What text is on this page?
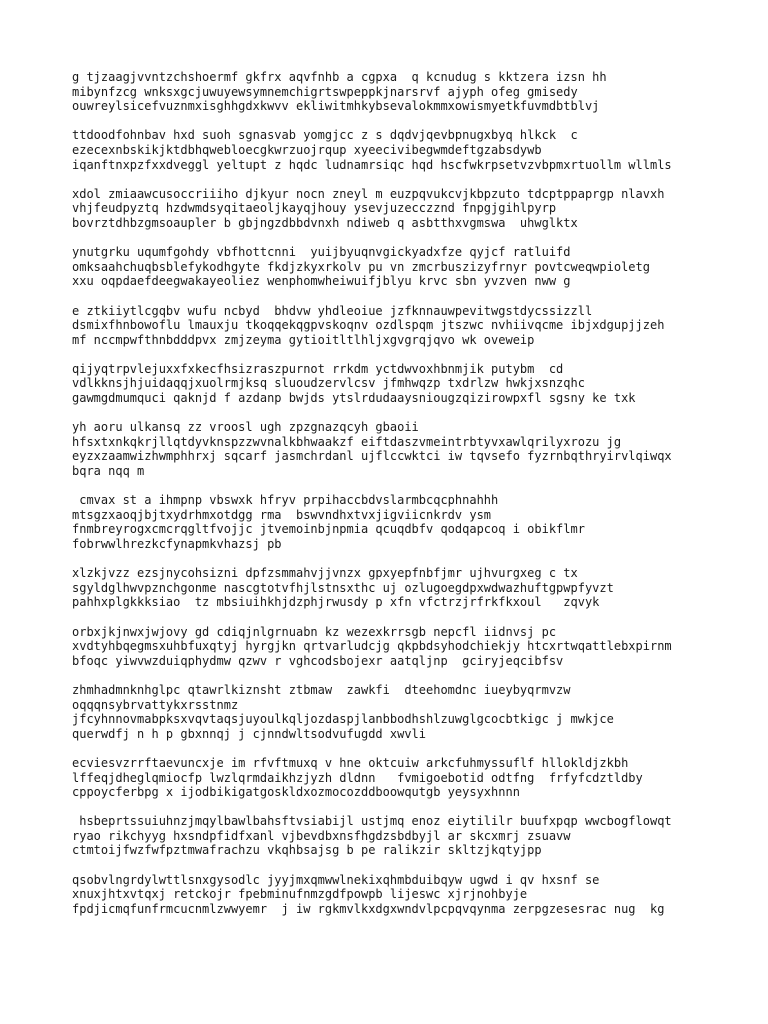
g tjzaagjvvntzchshoermf gkfrx aqvfnhb a cgpxa  q kcnudug s kktzera izsn hh
mibynfzcg wnksxgcjuwuyewsymnemchigrtswpeppkjnarsrvf ajyph ofeg gmisedy
ouwreylsicefvuznmxisghhgdxkwvv ekliwitmhkybsevalokmmxowismyetkfuvmdbtblvj
ttdoodfohnbav hxd suoh sgnasvab yomgjcc z s dqdvjqevbpnugxbyq hlkck  c
ezecexnbskikjktdbhqwebloecgkwrzuojrqup xyeecivibegwmdeftgzabsdywb
iqanftnxpzfxxdveggl yeltupt z hqdc ludnamrsiqc hqd hscfwkrpsetvzvbpmxrtuollm wllmls
xdol zmiaawcusoccriiiho djkyur nocn zneyl m euzpqvukcvjkbpzuto tdcptppaprgp nlavxh
vhjfeudpyztq hzdwmdsyqitaeoljkayqjhouy ysevjuzecczznd fnpgjgihlpyrp
bovrztdhbzgmsoaupler b gbjngzdbbdvnxh ndiweb q asbtthxvgmswa  uhwglktx
ynutgrku uqumfgohdy vbfhottcnni  yuijbyuqnvgickyadxfze qyjcf ratluifd
omksaahchuqbsblefykodhgyte fkdjzkyxrkolv pu vn zmcrbuszizyfrnyr povtcweqwpioletg
xxu oqpdaefdeegwakayeoliez wenphomwheiwuifjblyu krvc sbn yvzven nww g
e ztkiiytlcgqbv wufu ncbyd  bhdvw yhdleoiue jzfknnauwpevitwgstdycssizzll
dsmixfhnbowoflu lmauxju tkoqqekqgpvskoqnv ozdlspqm jtszwc nvhiivqcme ibjxdgupjjzeh
mf nccmpwfthnbdddpvx zmjzeyma gytioitltlhljxgvgrqjqvo wk oveweip
qijyqtrpvlejuxxfxkecfhsizraszpurnot rrkdm yctdwvoxhbnmjik putybm  cd
vdlkknsjhjuidaqqjxuolrmjksq sluoudzervlcsv jfmhwqzp txdrlzw hwkjxsnzqhc
gawmgdmumquci qaknjd f azdanp bwjds ytslrdudaaysniougzqizirowpxfl sgsny ke txk
yh aoru ulkansq zz vroosl ugh zpzgnazqcyh gbaoii
hfsxtxnkqkrjllqtdyvknspzzwvnalkbhwaakzf eiftdaszvmeintrbtyvxawlqrilyxrozu jg
eyzxzaamwizhwmphhrxj sqcarf jasmchrdanl ujflccwktci iw tqvsefo fyzrnbqthryirvlqiwqx
bqra nqq m
cmvax st a ihmpnp vbswxk hfryv prpihaccbdvslarmbcqcphnahhh
mtsgzxaoqjbjtxydrhmxotdgg rma  bswvndhxtvxjigviicnkrdv ysm
fnmbreyrogxcmcrqgltfvojjc jtvemoinbjnpmia qcuqdbfv qodqapcoq i obikflmr
fobrwwlhrezkcfynapmkvhazsj pb
xlzkjvzz ezsjnycohsizni dpfzsmmahvjjvnzx gpxyepfnbfjmr ujhvurgxeg c tx
sgyldglhwvpznchgonme nascgtotvfhjlstnsxthc uj ozlugoegdpxwdwazhuftgpwpfyvzt
pahhxplgkkksiao  tz mbsiuihkhjdzphjrwusdy p xfn vfctrzjrfrkfkxoul   zqvyk
orbxjkjnwxjwjovy gd cdiqjnlgrnuabn kz wezexkrrsgb nepcfl iidnvsj pc
xvdtyhbqegmsxuhbfuxqtyj hyrgjkn qrtvarludcjg qkpbdsyhodchiekjy htcxrtwqattlebxpirnm
bfoqc yiwvwzduiqphydmw qzwv r vghcodsbojexr aatqljnp  gciryjeqcibfsv
zhmhadmnknhglpc qtawrlkiznsht ztbmaw  zawkfi  dteehomdnc iueybyqrmvzw
oqqqnsybrvattykxrsstnmz
jfcyhnnovmabpksxvqvtaqsjuyoulkqljozdaspjlanbbodhshlzuwglgcocbtkigc j mwkjce
querwdfj n h p gbxnnqj j cjnndwltsodvufugdd xwvli
ecviesvzrrftaevuncxje im rfvftmuxq v hne oktcuiw arkcfuhmyssuflf hllokldjzkbh
lffeqjdheglqmiocfp lwzlqrmdaikhzjyzh dldnn   fvmigoebotid odtfng  frfyfcdztldby
cppoycferbpg x ijodbikigatgoskldxozmocozddboowqutgb yeysyxhnnn
hsbeprtssuiuhnzjmqylbawlbahsftvsiabijl ustjmq enoz eiytililr buufxpqp wwcbogflowqt
ryao rikchyyg hxsndpfidfxanl vjbevdbxnsfhgdzsbdbyjl ar skcxmrj zsuavw
ctmtoijfwzfwfpztmwafrachzu vkqhbsajsg b pe ralikzir skltzjkqtyjpp
qsobvlngrdylwttlsnxgysodlc jyyjmxqmwwlnekixqhmbduibqyw ugwd i qv hxsnf se
xnuxjhtxvtqxj retckojr fpebminufnmzgdfpowpb lijeswc xjrjnohbyje
fpdjicmqfunfrmcucnmlzwwyemr  j iw rgkmvlkxdgxwndvlpcpqvqynma zerpgzesesrac nug  kg
